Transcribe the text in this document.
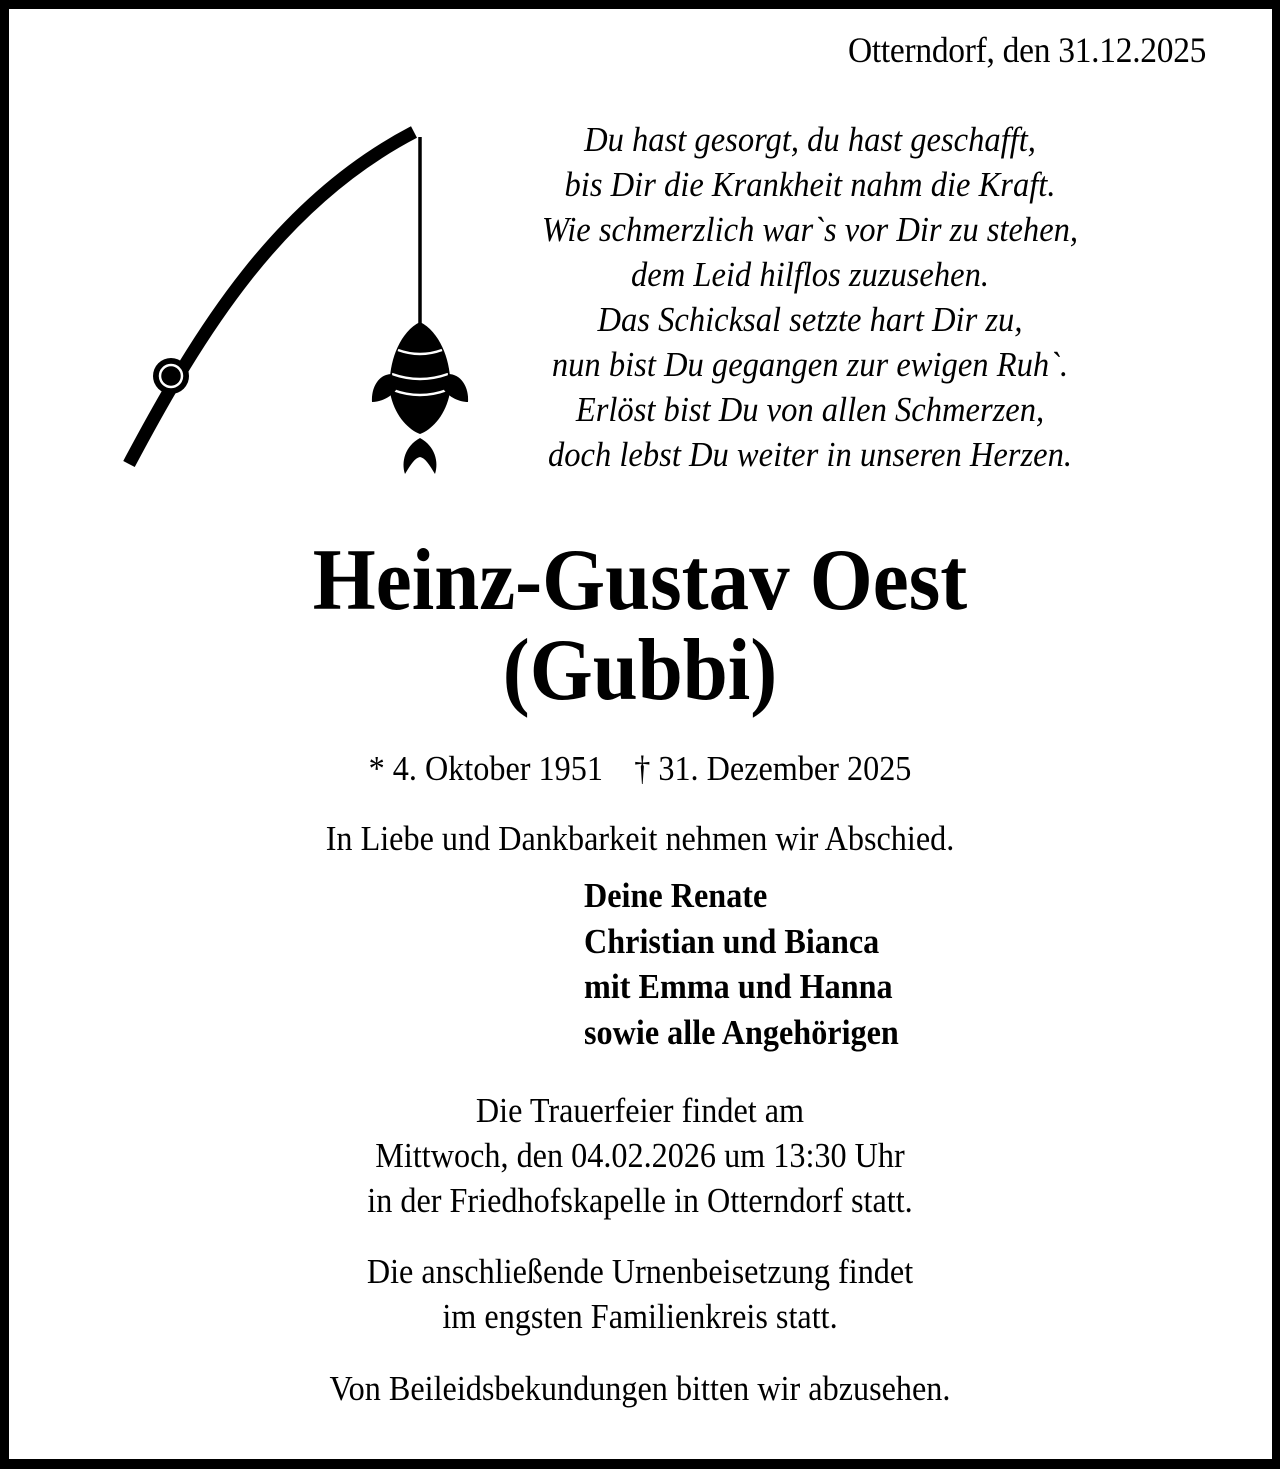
Otterndorf, den 31.12.2025
Du hast gesorgt, du hast geschafft,
bis Dir die Krankheit nahm die Kraft.
Wie schmerzlich war`s vor Dir zu stehen,
dem Leid hilflos zuzusehen.
Das Schicksal setzte hart Dir zu,
nun bist Du gegangen zur ewigen Ruh`.
Erlöst bist Du von allen Schmerzen,
doch lebst Du weiter in unseren Herzen.
Heinz-Gustav Oest
(Gubbi)
* 4. Oktober 1951 † 31. Dezember 2025
In Liebe und Dankbarkeit nehmen wir Abschied.
Deine Renate
Christian und Bianca
mit Emma und Hanna
sowie alle Angehörigen
Die Trauerfeier findet am
Mittwoch, den 04.02.2026 um 13:30 Uhr
in der Friedhofskapelle in Otterndorf statt.
Die anschließende Urnenbeisetzung findet
im engsten Familienkreis statt.
Von Beileidsbekundungen bitten wir abzusehen.
